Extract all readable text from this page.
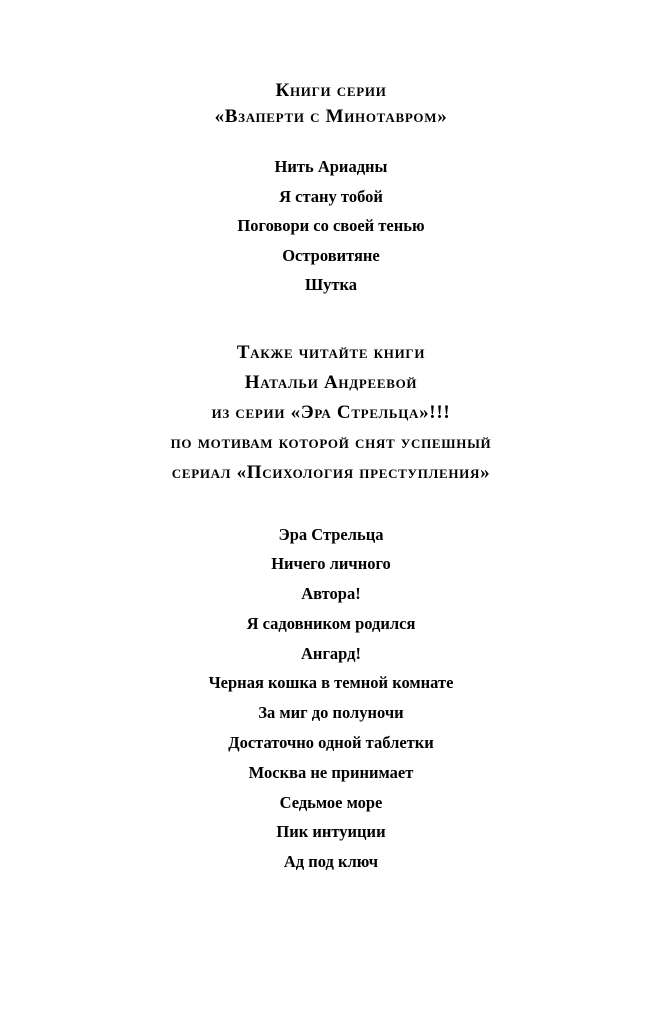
Книги серии
«Взаперти с Минотавром»
Нить Ариадны
Я стану тобой
Поговори со своей тенью
Островитяне
Шутка
Также читайте книги
Натальи Андреевой
из серии «Эра Стрельца»!!!
по мотивам которой снят успешный
сериал «Психология преступления»
Эра Стрельца
Ничего личного
Автора!
Я садовником родился
Ангард!
Черная кошка в темной комнате
За миг до полуночи
Достаточно одной таблетки
Москва не принимает
Седьмое море
Пик интуиции
Ад под ключ
